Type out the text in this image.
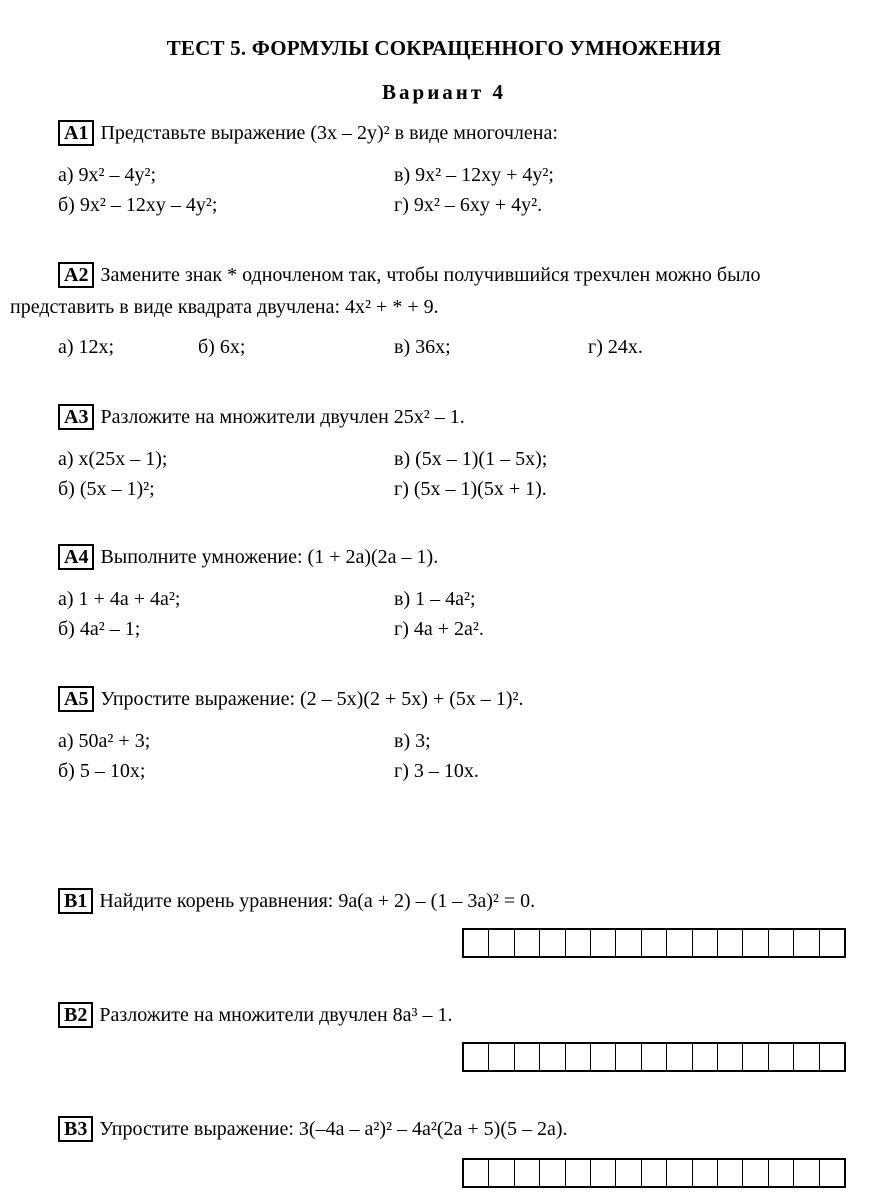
ТЕСТ 5. ФОРМУЛЫ СОКРАЩЕННОГО УМНОЖЕНИЯ
Вариант 4
A1 Представьте выражение (3x – 2y)² в виде многочлена:
а) 9x² – 4y²;	в) 9x² – 12xy + 4y²;
б) 9x² – 12xy – 4y²;	г) 9x² – 6xy + 4y².
A2 Замените знак * одночленом так, чтобы получившийся трехчлен можно было
представить в виде квадрата двучлена: 4x² + * + 9.
а) 12x;	б) 6x;	в) 36x;	г) 24x.
A3 Разложите на множители двучлен 25x² – 1.
а) x(25x – 1);	в) (5x – 1)(1 – 5x);
б) (5x – 1)²;	г) (5x – 1)(5x + 1).
A4 Выполните умножение: (1 + 2a)(2a – 1).
а) 1 + 4a + 4a²;	в) 1 – 4a²;
б) 4a² – 1;	г) 4a + 2a².
A5 Упростите выражение: (2 – 5x)(2 + 5x) + (5x – 1)².
а) 50a² + 3;	в) 3;
б) 5 – 10x;	г) 3 – 10x.
B1 Найдите корень уравнения: 9a(a + 2) – (1 – 3a)² = 0.
B2 Разложите на множители двучлен 8a³ – 1.
B3 Упростите выражение: 3(–4a – a²)² – 4a²(2a + 5)(5 – 2a).
